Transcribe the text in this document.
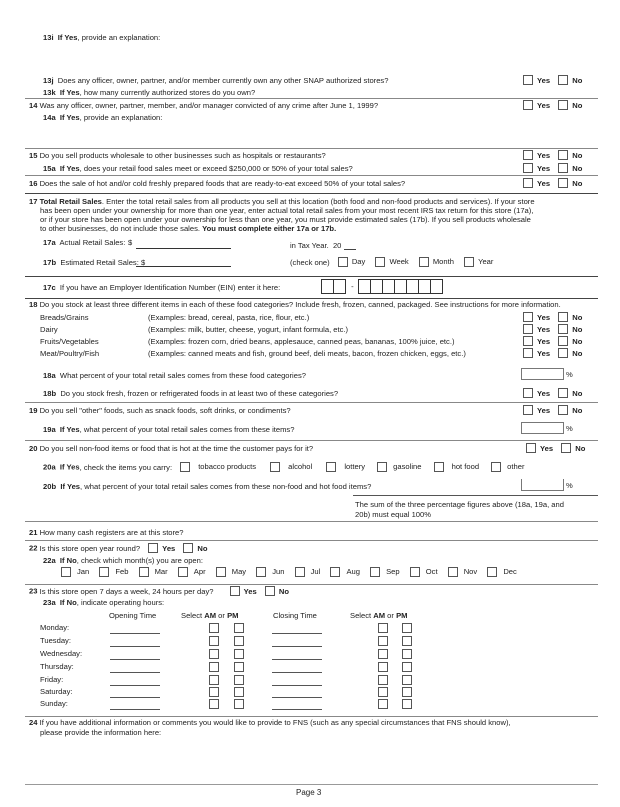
13i If Yes, provide an explanation:
13j Does any officer, owner, partner, and/or member currently own any other SNAP authorized stores?	Yes	No
13k If Yes, how many currently authorized stores do you own?
14 Was any officer, owner, partner, member, and/or manager convicted of any crime after June 1, 1999?	Yes	No
14a If Yes, provide an explanation:
15 Do you sell products wholesale to other businesses such as hospitals or restaurants?	Yes	No
15a If Yes, does your retail food sales meet or exceed $250,000 or 50% of your total sales?	Yes	No
16 Does the sale of hot and/or cold freshly prepared foods that are ready-to-eat exceed 50% of your total sales?	Yes	No
17 Total Retail Sales. Enter the total retail sales from all products you sell at this location (both food and non-food products and services). If your store
has been open under your ownership for more than one year, enter actual total retail sales from your most recent IRS tax return for this store (17a),
or if your store has been open under your ownership for less than one year, you must provide estimated sales (17b). If you sell products wholesale
to other businesses, do not include those sales. You must complete either 17a or 17b.
17a Actual Retail Sales: $	in Tax Year. 20
17b Estimated Retail Sales: $	(check one)	Day	Week	Month	Year
17c If you have an Employer Identification Number (EIN) enter it here:	-
18 Do you stock at least three different items in each of these food categories? Include fresh, frozen, canned, packaged. See instructions for more information.
Breads/Grains	(Examples: bread, cereal, pasta, rice, flour, etc.)	Yes	No
Dairy	(Examples: milk, butter, cheese, yogurt, infant formula, etc.)	Yes	No
Fruits/Vegetables	(Examples: frozen corn, dried beans, applesauce, canned peas, bananas, 100% juice, etc.)	Yes	No
Meat/Poultry/Fish	(Examples: canned meats and fish, ground beef, deli meats, bacon, frozen chicken, eggs, etc.)	Yes	No
18a What percent of your total retail sales comes from these food categories?	%
18b Do you stock fresh, frozen or refrigerated foods in at least two of these categories?	Yes	No
19 Do you sell "other" foods, such as snack foods, soft drinks, or condiments?	Yes	No
19a If Yes, what percent of your total retail sales comes from these items?	%
20 Do you sell non-food items or food that is hot at the time the customer pays for it?	Yes	No
20a If Yes, check the items you carry:	tobacco products	alcohol	lottery	gasoline	hot food	other
20b If Yes, what percent of your total retail sales comes from these non-food and hot food items?	%
The sum of the three percentage figures above (18a, 19a, and
20b) must equal 100%
21 How many cash registers are at this store?
22 Is this store open year round?	Yes	No
22a If No, check which month(s) you are open:
Jan	Feb	Mar	Apr	May	Jun	Jul	Aug	Sep	Oct	Nov	Dec
23 Is this store open 7 days a week, 24 hours per day?	Yes	No
23a If No, indicate operating hours:
Opening Time	Select AM or PM	Closing Time	Select AM or PM
Monday:
Tuesday:
Wednesday:
Thursday:
Friday:
Saturday:
Sunday:
24 If you have additional information or comments you would like to provide to FNS (such as any special circumstances that FNS should know),
please provide the information here:
Page 3
